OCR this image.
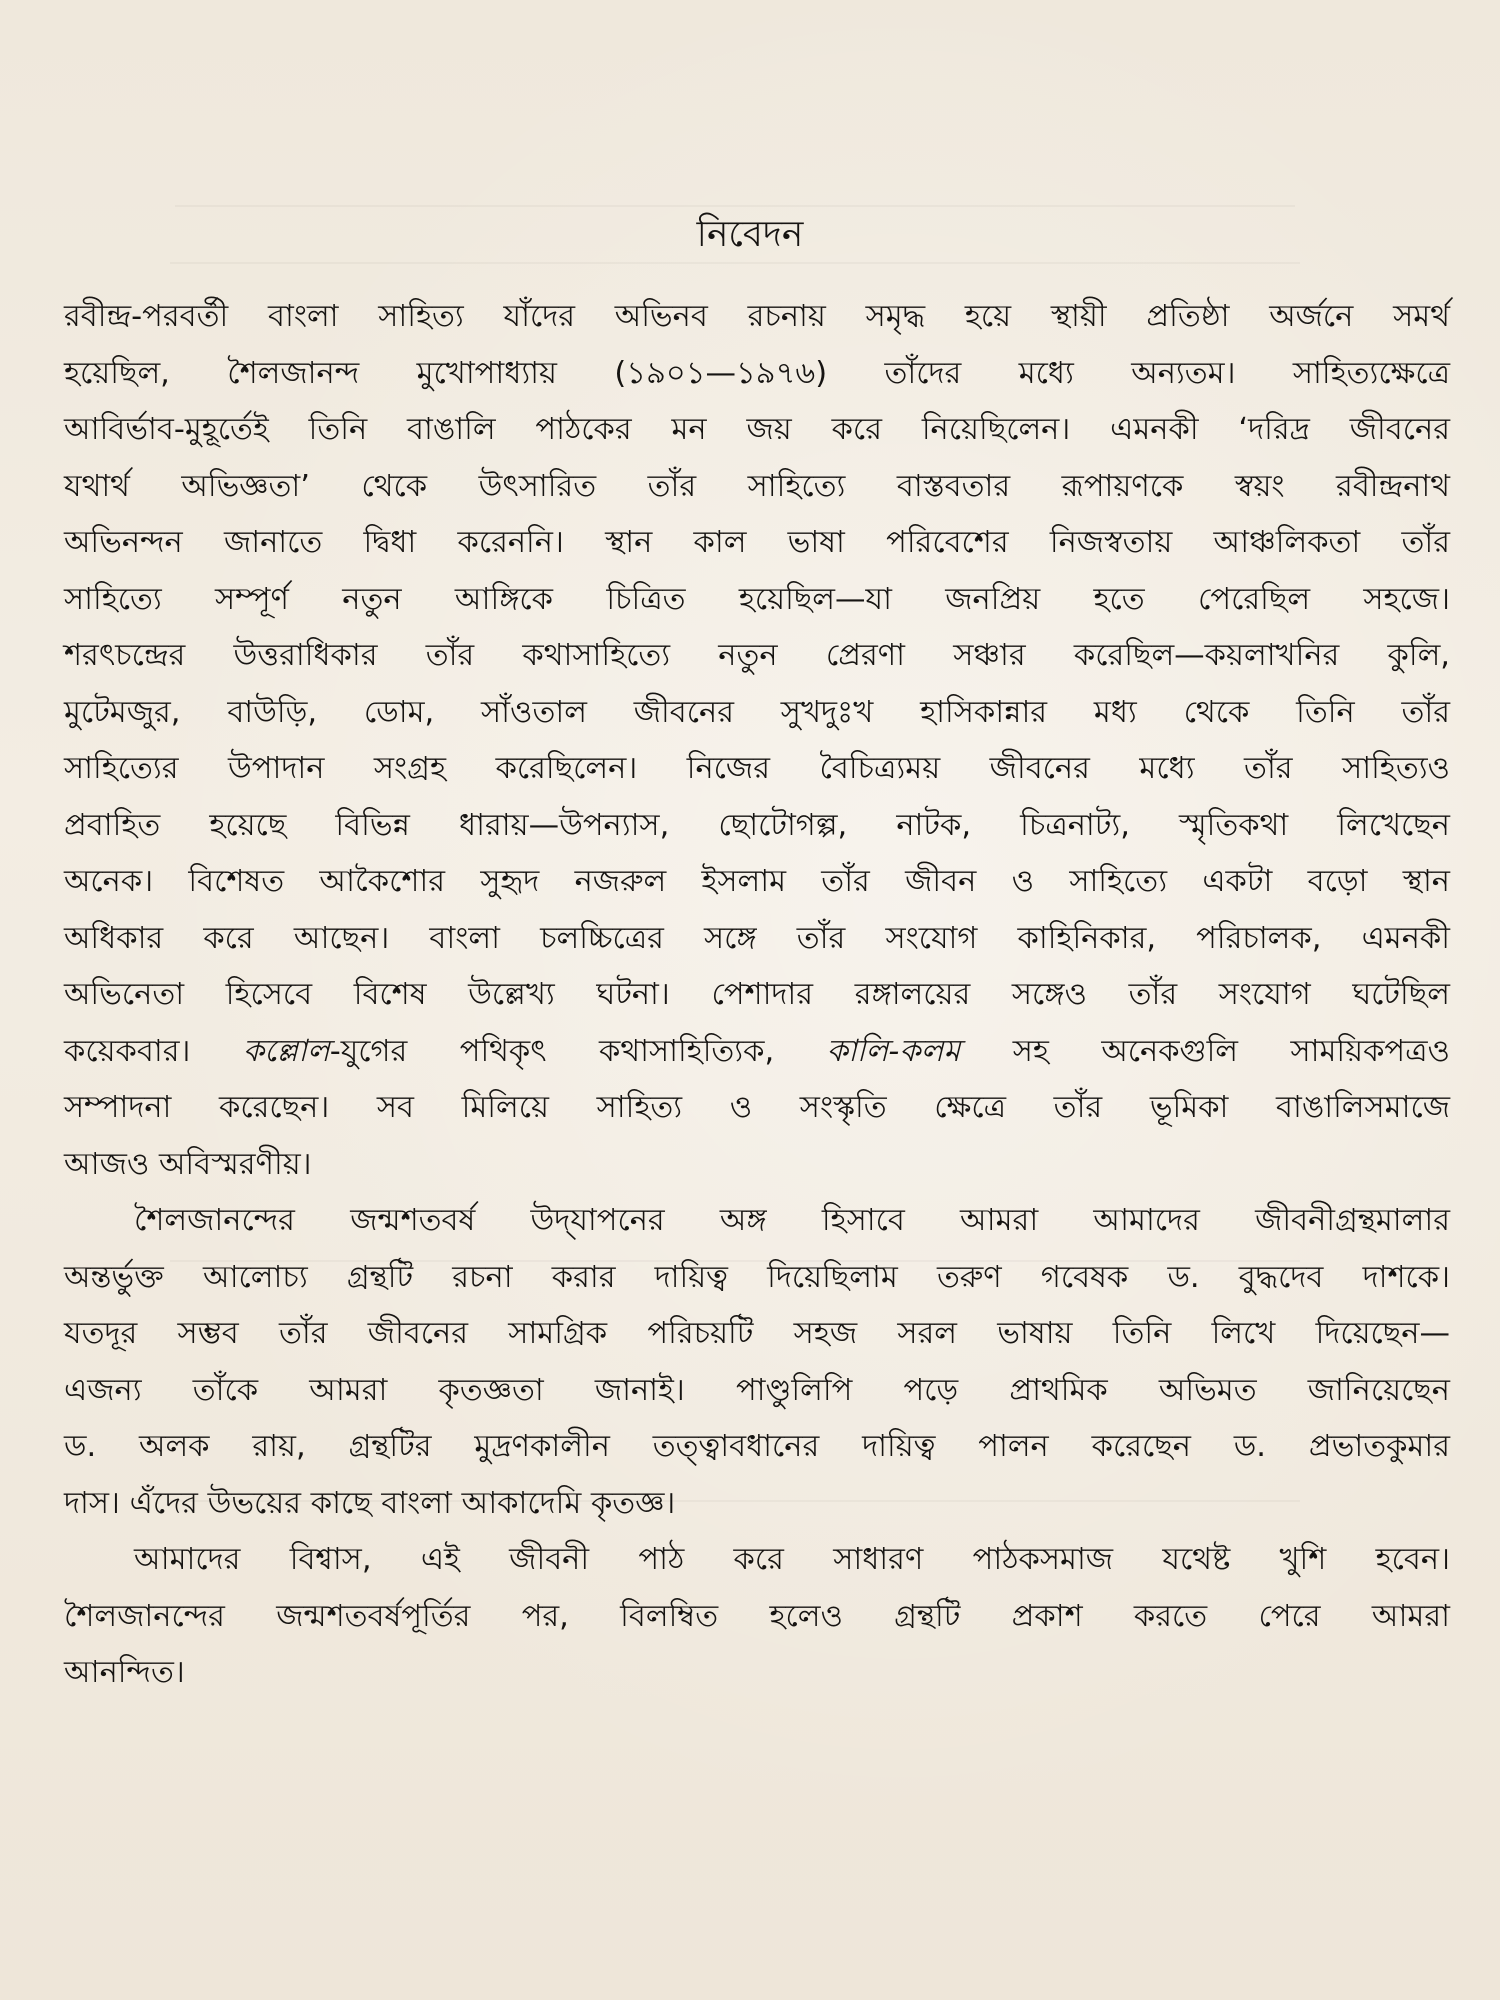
নিবেদন
রবীন্দ্র-পরবর্তী বাংলা সাহিত্য যাঁদের অভিনব রচনায় সমৃদ্ধ হয়ে স্থায়ী প্রতিষ্ঠা অর্জনে সমর্থ
হয়েছিল, শৈলজানন্দ মুখোপাধ্যায় (১৯০১—১৯৭৬) তাঁদের মধ্যে অন্যতম। সাহিত্যক্ষেত্রে
আবির্ভাব-মুহূর্তেই তিনি বাঙালি পাঠকের মন জয় করে নিয়েছিলেন। এমনকী ‘দরিদ্র জীবনের
যথার্থ অভিজ্ঞতা’ থেকে উৎসারিত তাঁর সাহিত্যে বাস্তবতার রূপায়ণকে স্বয়ং রবীন্দ্রনাথ
অভিনন্দন জানাতে দ্বিধা করেননি। স্থান কাল ভাষা পরিবেশের নিজস্বতায় আঞ্চলিকতা তাঁর
সাহিত্যে সম্পূর্ণ নতুন আঙ্গিকে চিত্রিত হয়েছিল—যা জনপ্রিয় হতে পেরেছিল সহজে।
শরৎচন্দ্রের উত্তরাধিকার তাঁর কথাসাহিত্যে নতুন প্রেরণা সঞ্চার করেছিল—কয়লাখনির কুলি,
মুটেমজুর, বাউড়ি, ডোম, সাঁওতাল জীবনের সুখদুঃখ হাসিকান্নার মধ্য থেকে তিনি তাঁর
সাহিত্যের উপাদান সংগ্রহ করেছিলেন। নিজের বৈচিত্র্যময় জীবনের মধ্যে তাঁর সাহিত্যও
প্রবাহিত হয়েছে বিভিন্ন ধারায়—উপন্যাস, ছোটোগল্প, নাটক, চিত্রনাট্য, স্মৃতিকথা লিখেছেন
অনেক। বিশেষত আকৈশোর সুহৃদ নজরুল ইসলাম তাঁর জীবন ও সাহিত্যে একটা বড়ো স্থান
অধিকার করে আছেন। বাংলা চলচ্চিত্রের সঙ্গে তাঁর সংযোগ কাহিনিকার, পরিচালক, এমনকী
অভিনেতা হিসেবে বিশেষ উল্লেখ্য ঘটনা। পেশাদার রঙ্গালয়ের সঙ্গেও তাঁর সংযোগ ঘটেছিল
কয়েকবার। কল্লোল-যুগের পথিকৃৎ কথাসাহিত্যিক, কালি-কলম সহ অনেকগুলি সাময়িকপত্রও
সম্পাদনা করেছেন। সব মিলিয়ে সাহিত্য ও সংস্কৃতি ক্ষেত্রে তাঁর ভূমিকা বাঙালিসমাজে
আজও অবিস্মরণীয়।
শৈলজানন্দের জন্মশতবর্ষ উদ্‌যাপনের অঙ্গ হিসাবে আমরা আমাদের জীবনীগ্রন্থমালার
অন্তর্ভুক্ত আলোচ্য গ্রন্থটি রচনা করার দায়িত্ব দিয়েছিলাম তরুণ গবেষক ড. বুদ্ধদেব দাশকে।
যতদূর সম্ভব তাঁর জীবনের সামগ্রিক পরিচয়টি সহজ সরল ভাষায় তিনি লিখে দিয়েছেন—
এজন্য তাঁকে আমরা কৃতজ্ঞতা জানাই। পাণ্ডুলিপি পড়ে প্রাথমিক অভিমত জানিয়েছেন
ড. অলক রায়, গ্রন্থটির মুদ্রণকালীন তত্ত্বাবধানের দায়িত্ব পালন করেছেন ড. প্রভাতকুমার
দাস। এঁদের উভয়ের কাছে বাংলা আকাদেমি কৃতজ্ঞ।
আমাদের বিশ্বাস, এই জীবনী পাঠ করে সাধারণ পাঠকসমাজ যথেষ্ট খুশি হবেন।
শৈলজানন্দের জন্মশতবর্ষপূর্তির পর, বিলম্বিত হলেও গ্রন্থটি প্রকাশ করতে পেরে আমরা
আনন্দিত।
